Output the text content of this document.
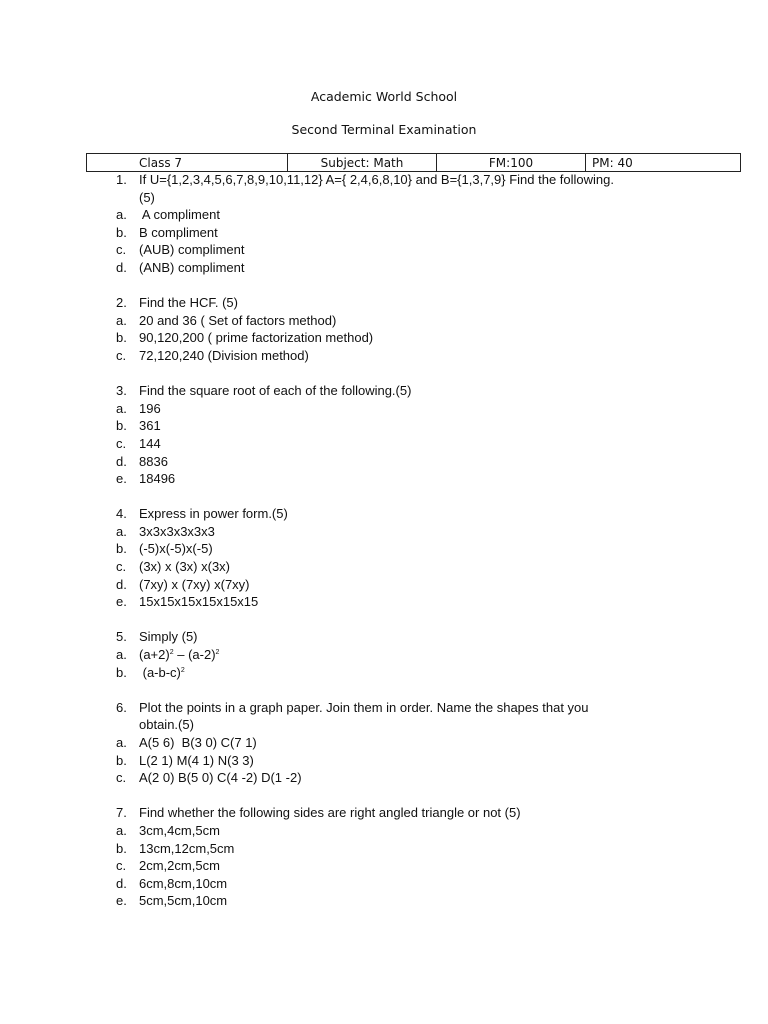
Academic World School
Second Terminal Examination
Class 7	Subject: Math	FM:100	PM: 40
1. If U={1,2,3,4,5,6,7,8,9,10,11,12} A={ 2,4,6,8,10} and B={1,3,7,9} Find the following.
(5)
a. A compliment
b. B compliment
c. (AUB) compliment
d. (ANB) compliment
2. Find the HCF. (5)
a. 20 and 36 ( Set of factors method)
b. 90,120,200 ( prime factorization method)
c. 72,120,240 (Division method)
3. Find the square root of each of the following.(5)
a. 196
b. 361
c. 144
d. 8836
e. 18496
4. Express in power form.(5)
a. 3x3x3x3x3x3
b. (-5)x(-5)x(-5)
c. (3x) x (3x) x(3x)
d. (7xy) x (7xy) x(7xy)
e. 15x15x15x15x15x15
5. Simply (5)
a. $(a+2)^2 - (a-2)^2$
b. $(a-b-c)^2$
6. Plot the points in a graph paper. Join them in order. Name the shapes that you
obtain.(5)
a. A(5 6)  B(3 0) C(7 1)
b. L(2 1) M(4 1) N(3 3)
c. A(2 0) B(5 0) C(4 -2) D(1 -2)
7. Find whether the following sides are right angled triangle or not (5)
a. 3cm,4cm,5cm
b. 13cm,12cm,5cm
c. 2cm,2cm,5cm
d. 6cm,8cm,10cm
e. 5cm,5cm,10cm
